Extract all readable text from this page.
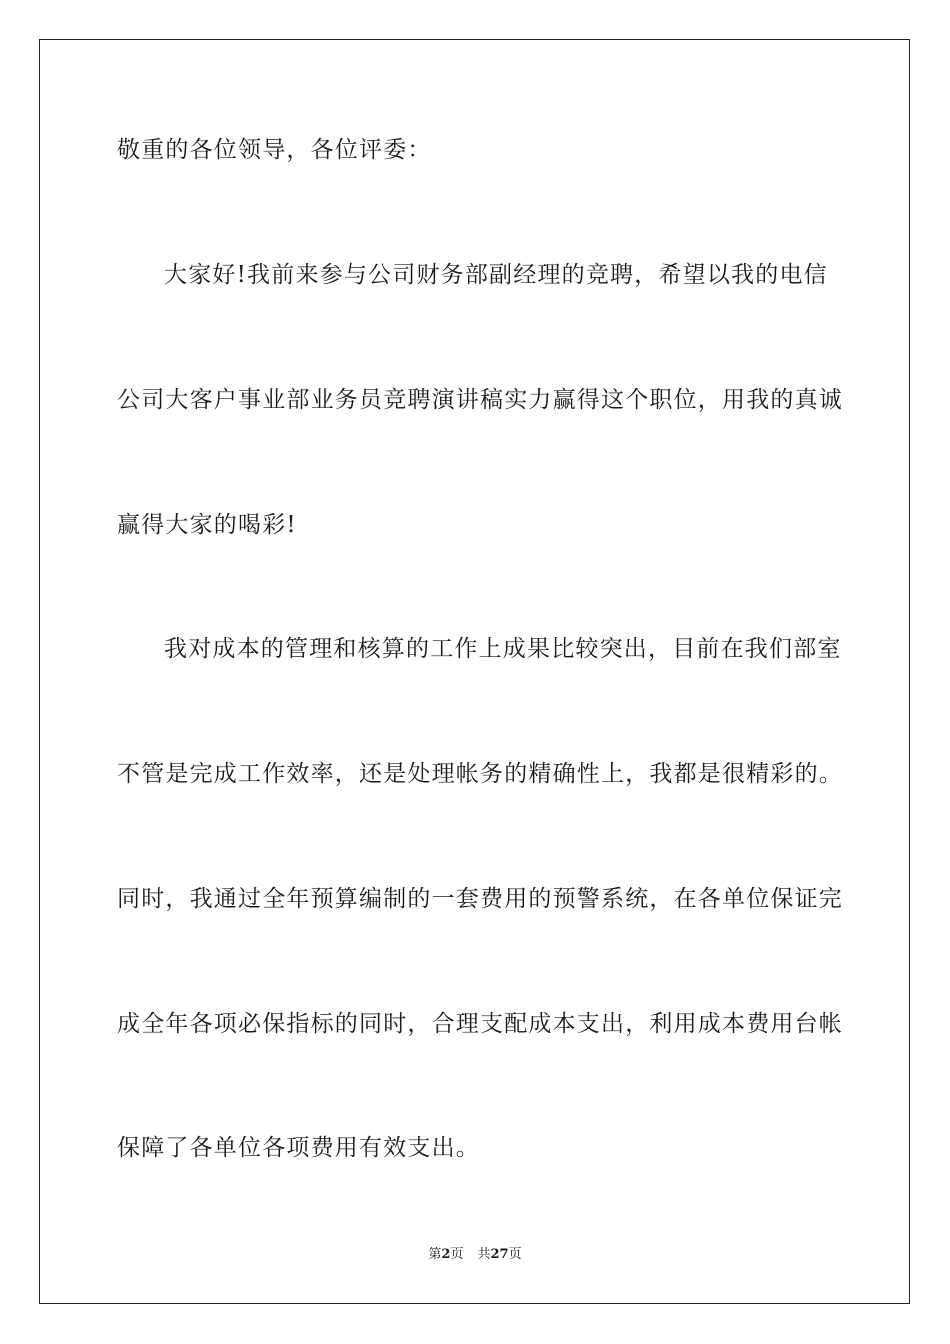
敬重的各位领导，各位评委：
大家好!我前来参与公司财务部副经理的竞聘，希望以我的电信
公司大客户事业部业务员竞聘演讲稿实力赢得这个职位，用我的真诚
赢得大家的喝彩!
我对成本的管理和核算的工作上成果比较突出，目前在我们部室
不管是完成工作效率，还是处理帐务的精确性上，我都是很精彩的。
同时，我通过全年预算编制的一套费用的预警系统，在各单位保证完
成全年各项必保指标的同时，合理支配成本支出，利用成本费用台帐
保障了各单位各项费用有效支出。
第2页 共27页
